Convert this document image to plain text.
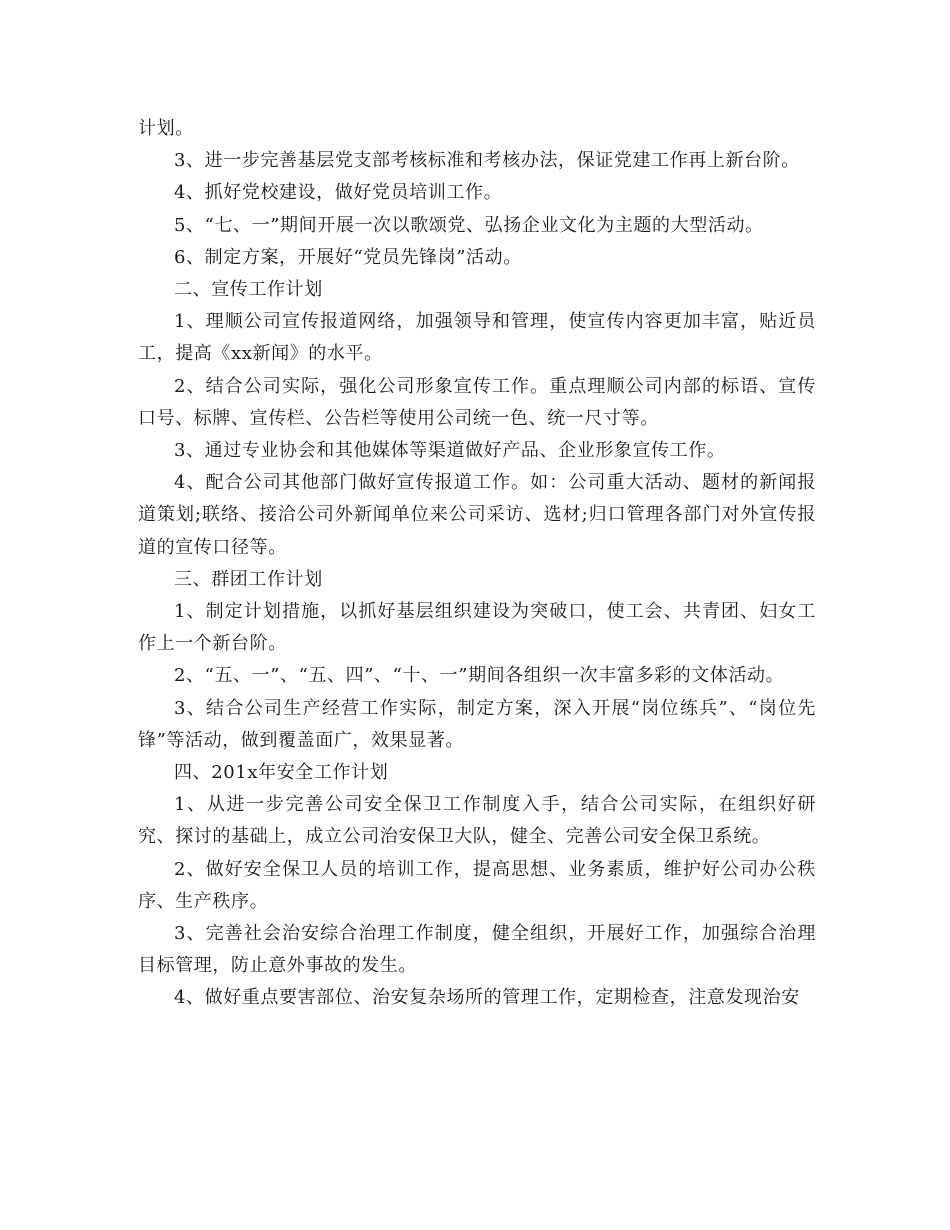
计划。

3、进一步完善基层党支部考核标准和考核办法，保证党建工作再上新台阶。

4、抓好党校建设，做好党员培训工作。

5、“七、一”期间开展一次以歌颂党、弘扬企业文化为主题的大型活动。

6、制定方案，开展好“党员先锋岗”活动。

二、宣传工作计划

1、理顺公司宣传报道网络，加强领导和管理，使宣传内容更加丰富，贴近员工，提高《xx新闻》的水平。

2、结合公司实际，强化公司形象宣传工作。重点理顺公司内部的标语、宣传口号、标牌、宣传栏、公告栏等使用公司统一色、统一尺寸等。

3、通过专业协会和其他媒体等渠道做好产品、企业形象宣传工作。

4、配合公司其他部门做好宣传报道工作。如：公司重大活动、题材的新闻报道策划;联络、接洽公司外新闻单位来公司采访、选材;归口管理各部门对外宣传报道的宣传口径等。

三、群团工作计划

1、制定计划措施，以抓好基层组织建设为突破口，使工会、共青团、妇女工作上一个新台阶。

2、“五、一”、“五、四”、“十、一”期间各组织一次丰富多彩的文体活动。

3、结合公司生产经营工作实际，制定方案，深入开展“岗位练兵”、“岗位先锋”等活动，做到覆盖面广，效果显著。

四、201x年安全工作计划

1、从进一步完善公司安全保卫工作制度入手，结合公司实际，在组织好研究、探讨的基础上，成立公司治安保卫大队，健全、完善公司安全保卫系统。

2、做好安全保卫人员的培训工作，提高思想、业务素质，维护好公司办公秩序、生产秩序。

3、完善社会治安综合治理工作制度，健全组织，开展好工作，加强综合治理目标管理，防止意外事故的发生。

4、做好重点要害部位、治安复杂场所的管理工作，定期检查，注意发现治安
